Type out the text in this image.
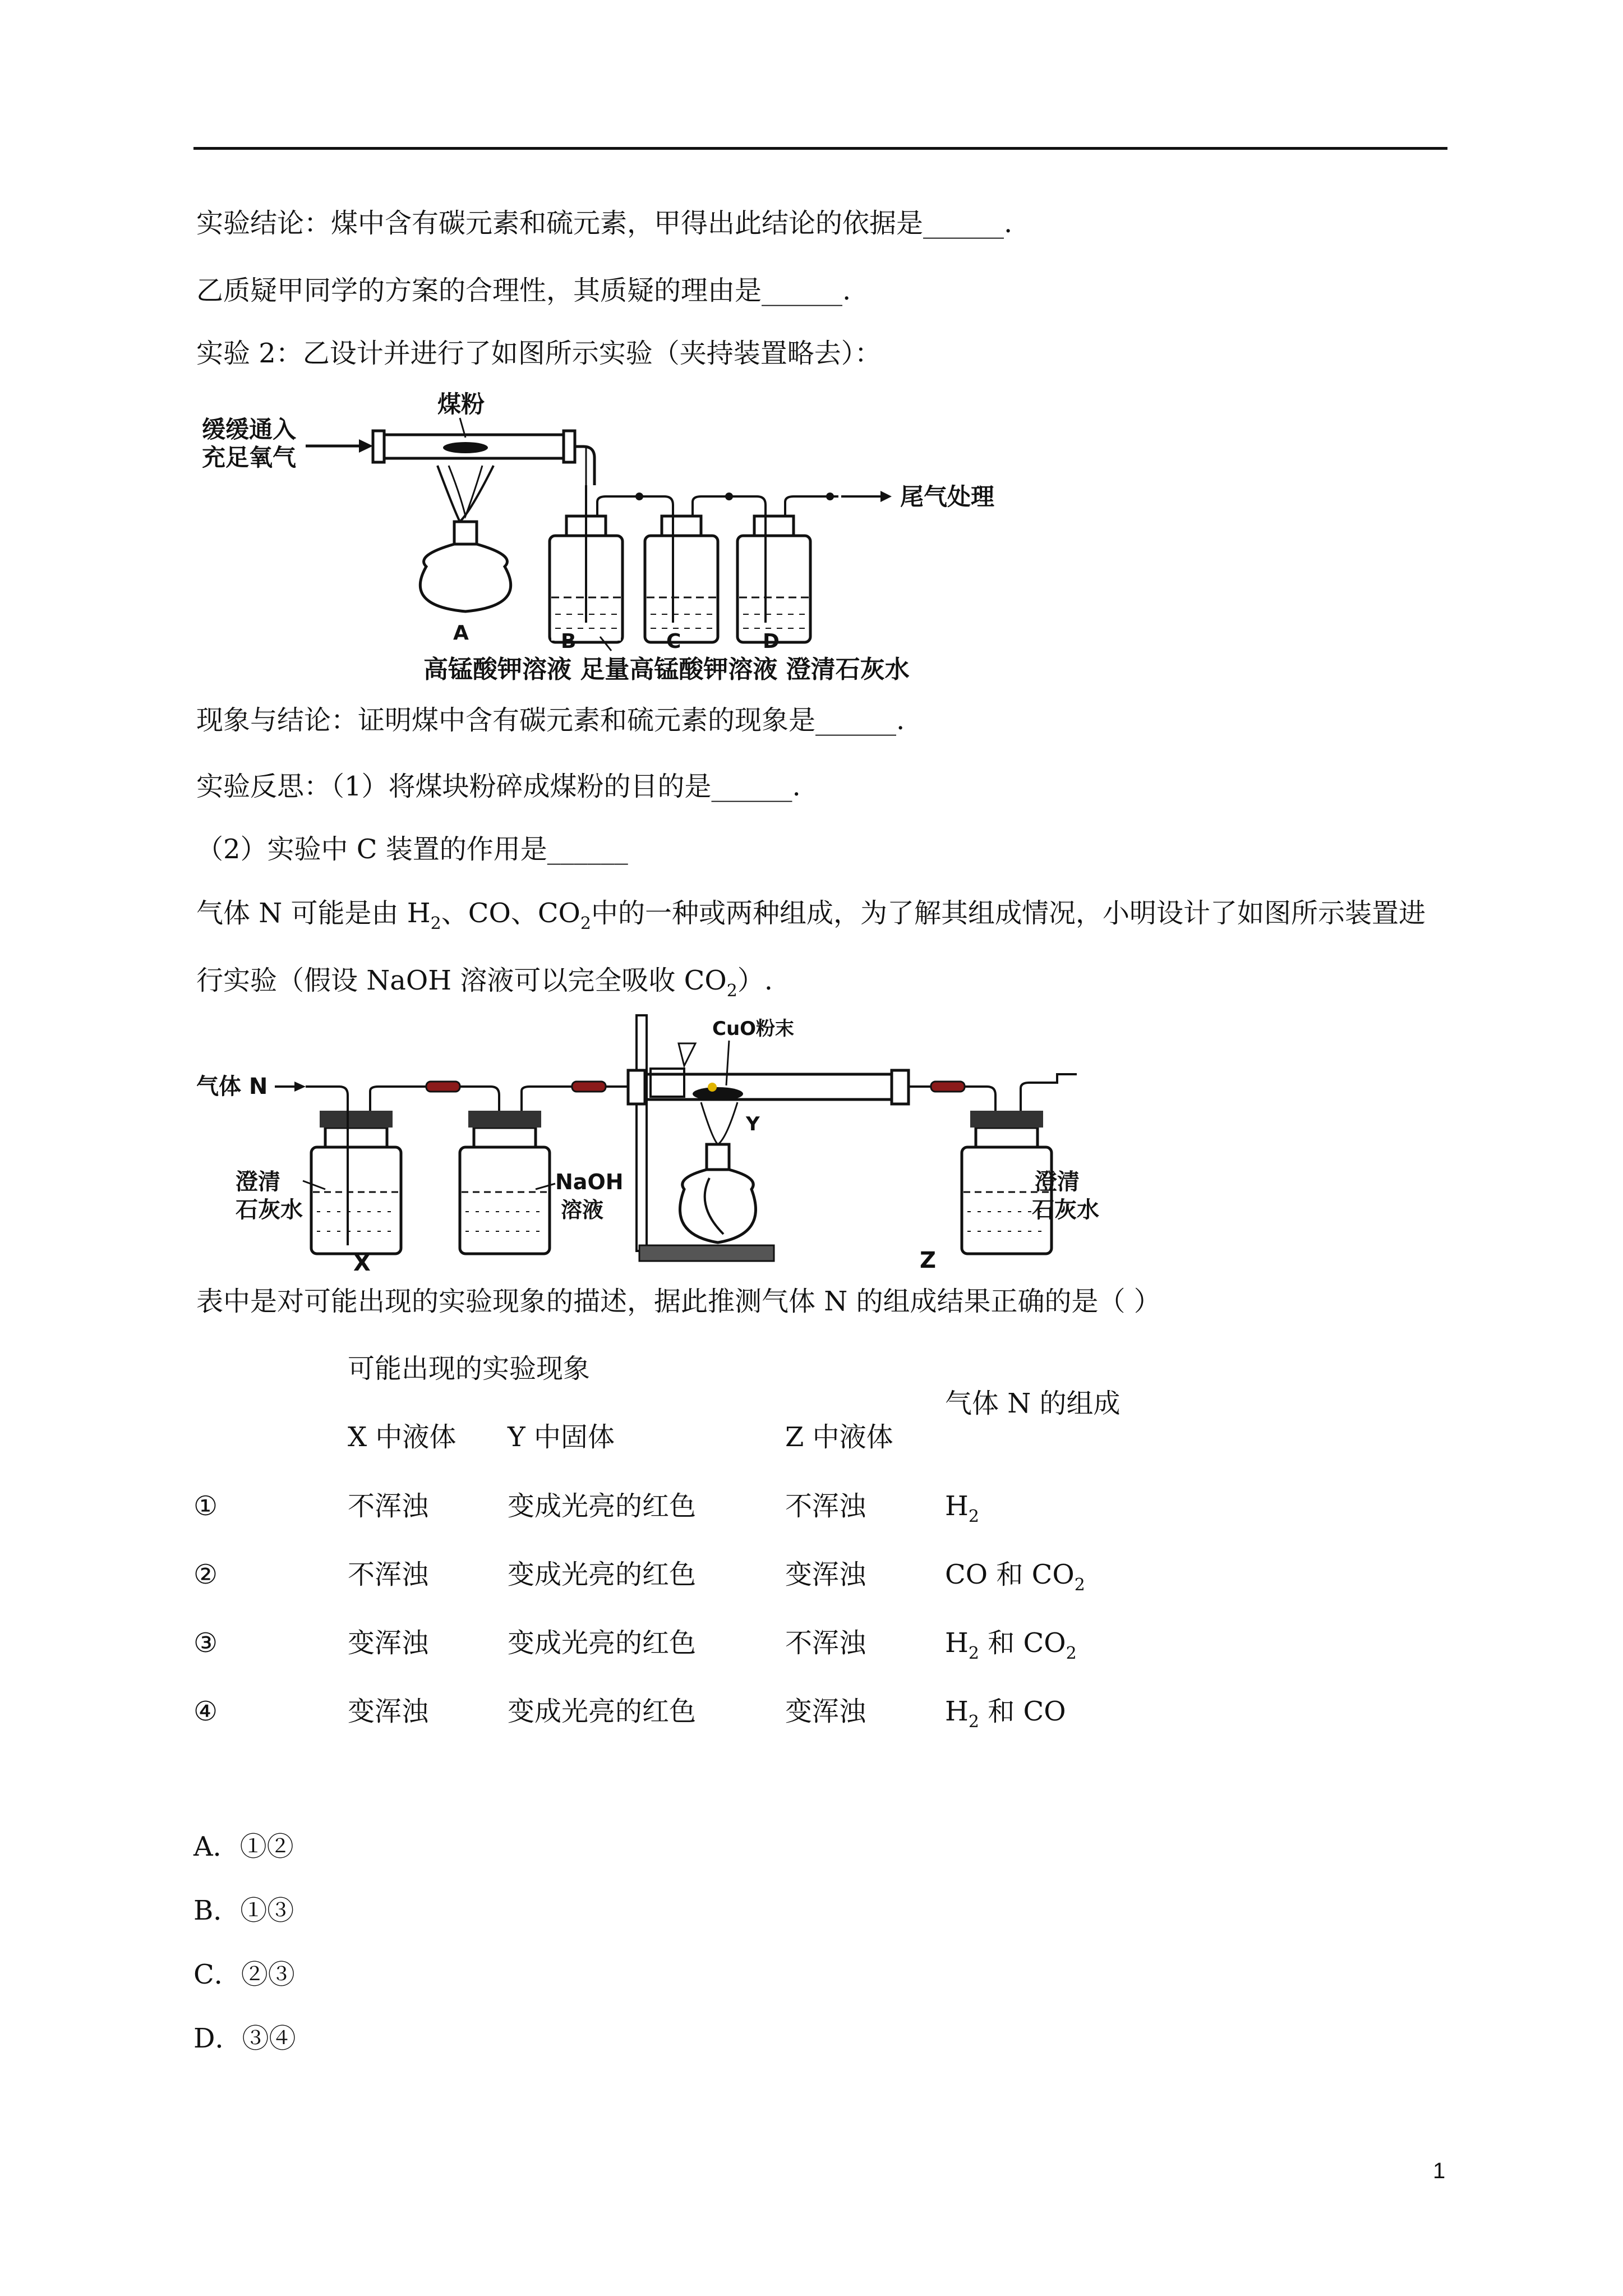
实验结论：煤中含有碳元素和硫元素，甲得出此结论的依据是______.
乙质疑甲同学的方案的合理性，其质疑的理由是______.
实验 2：乙设计并进行了如图所示实验（夹持装置略去）：
缓缓通入
充足氧气
煤粉
A
尾气处理
B	C	D
高锰酸钾溶液 足量高锰酸钾溶液 澄清石灰水
现象与结论：证明煤中含有碳元素和硫元素的现象是______.
实验反思：（1）将煤块粉碎成煤粉的目的是______.
（2）实验中 C 装置的作用是______
气体 N 可能是由 $H_2$、CO、$CO_2$中的一种或两种组成，为了解其组成情况，小明设计了如图所示装置进
行实验（假设 NaOH 溶液可以完全吸收 $CO_2$）.
气体 N
CuO粉末
Y
澄清
石灰水
NaOH
溶液
澄清
石灰水
X	Z
表中是对可能出现的实验现象的描述，据此推测气体 N 的组成结果正确的是（ ）
可能出现的实验现象
气体 N 的组成
X 中液体 Y 中固体	Z 中液体
①	不浑浊	变成光亮的红色	不浑浊	$H_2$
②	不浑浊	变成光亮的红色	变浑浊	CO 和 $CO_2$
③	变浑浊	变成光亮的红色	不浑浊	$H_2$ 和 $CO_2$
④	变浑浊	变成光亮的红色	变浑浊	$H_2$ 和 CO
A．①②
B．①③
C．②③
D．③④
1
